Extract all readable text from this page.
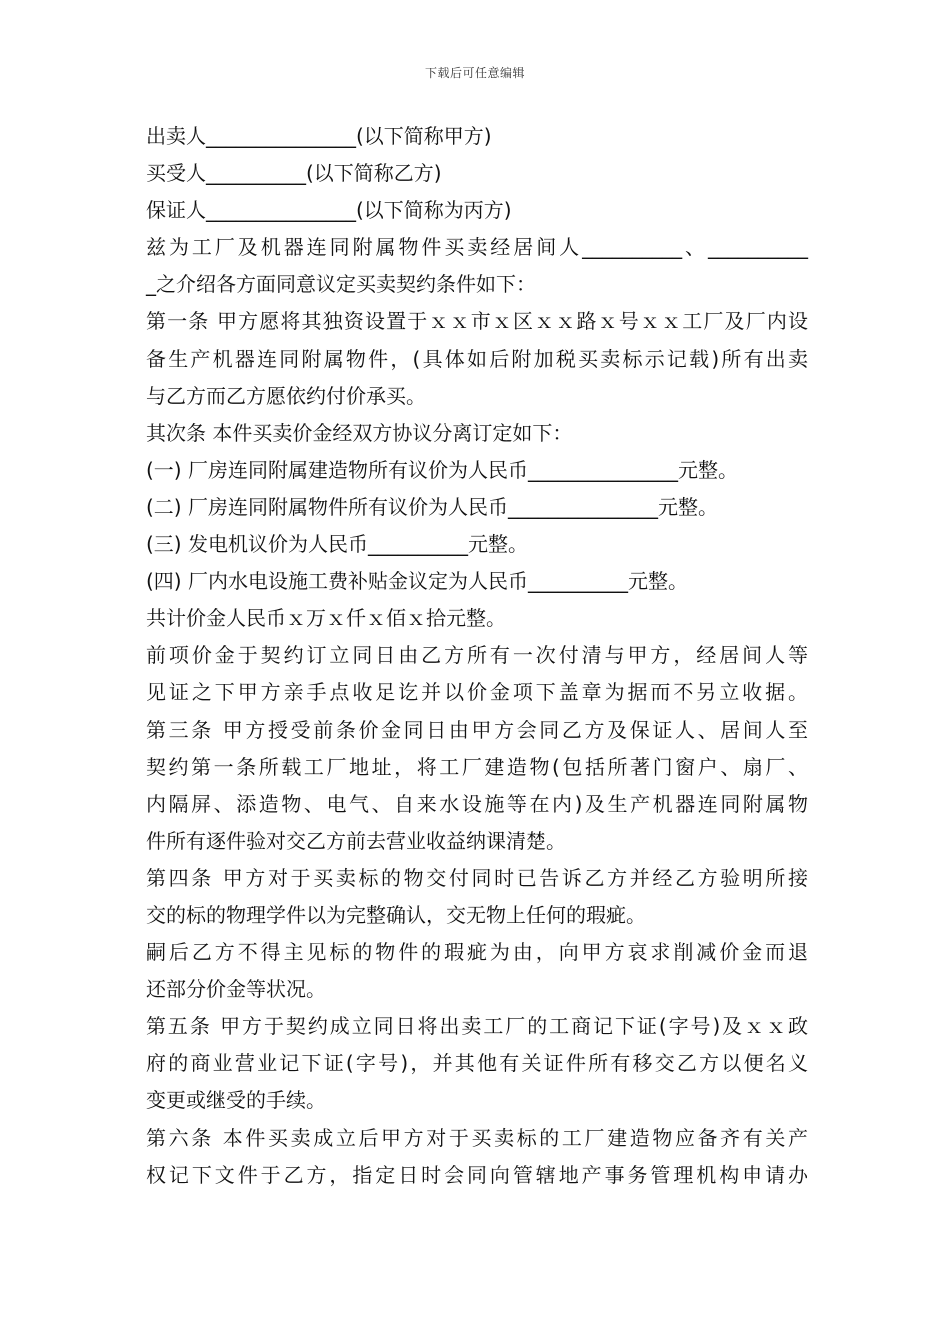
下载后可任意编辑
出卖人_______________(以下简称甲方)
买受人__________(以下简称乙方)
保证人_______________(以下简称为丙方)
兹为工厂及机器连同附属物件买卖经居间人__________、__________
_之介绍各方面同意议定买卖契约条件如下：
第一条 甲方愿将其独资设置于ｘｘ市ｘ区ｘｘ路ｘ号ｘｘ工厂及厂内设
备生产机器连同附属物件，(具体如后附加税买卖标示记载)所有出卖
与乙方而乙方愿依约付价承买。
其次条 本件买卖价金经双方协议分离订定如下：
(一) 厂房连同附属建造物所有议价为人民币_______________元整。
(二) 厂房连同附属物件所有议价为人民币_______________元整。
(三) 发电机议价为人民币__________元整。
(四) 厂内水电设施工费补贴金议定为人民币__________元整。
共计价金人民币ｘ万ｘ仟ｘ佰ｘ拾元整。
前项价金于契约订立同日由乙方所有一次付清与甲方，经居间人等
见证之下甲方亲手点收足讫并以价金项下盖章为据而不另立收据。
第三条 甲方授受前条价金同日由甲方会同乙方及保证人、居间人至
契约第一条所载工厂地址，将工厂建造物(包括所著门窗户、扇厂、
内隔屏、添造物、电气、自来水设施等在内)及生产机器连同附属物
件所有逐件验对交乙方前去营业收益纳课清楚。
第四条 甲方对于买卖标的物交付同时已告诉乙方并经乙方验明所接
交的标的物理学件以为完整确认，交无物上任何的瑕疵。
嗣后乙方不得主见标的物件的瑕疵为由，向甲方哀求削减价金而退
还部分价金等状况。
第五条 甲方于契约成立同日将出卖工厂的工商记下证(字号)及ｘｘ政
府的商业营业记下证(字号)，并其他有关证件所有移交乙方以便名义
变更或继受的手续。
第六条 本件买卖成立后甲方对于买卖标的工厂建造物应备齐有关产
权记下文件于乙方，指定日时会同向管辖地产事务管理机构申请办
